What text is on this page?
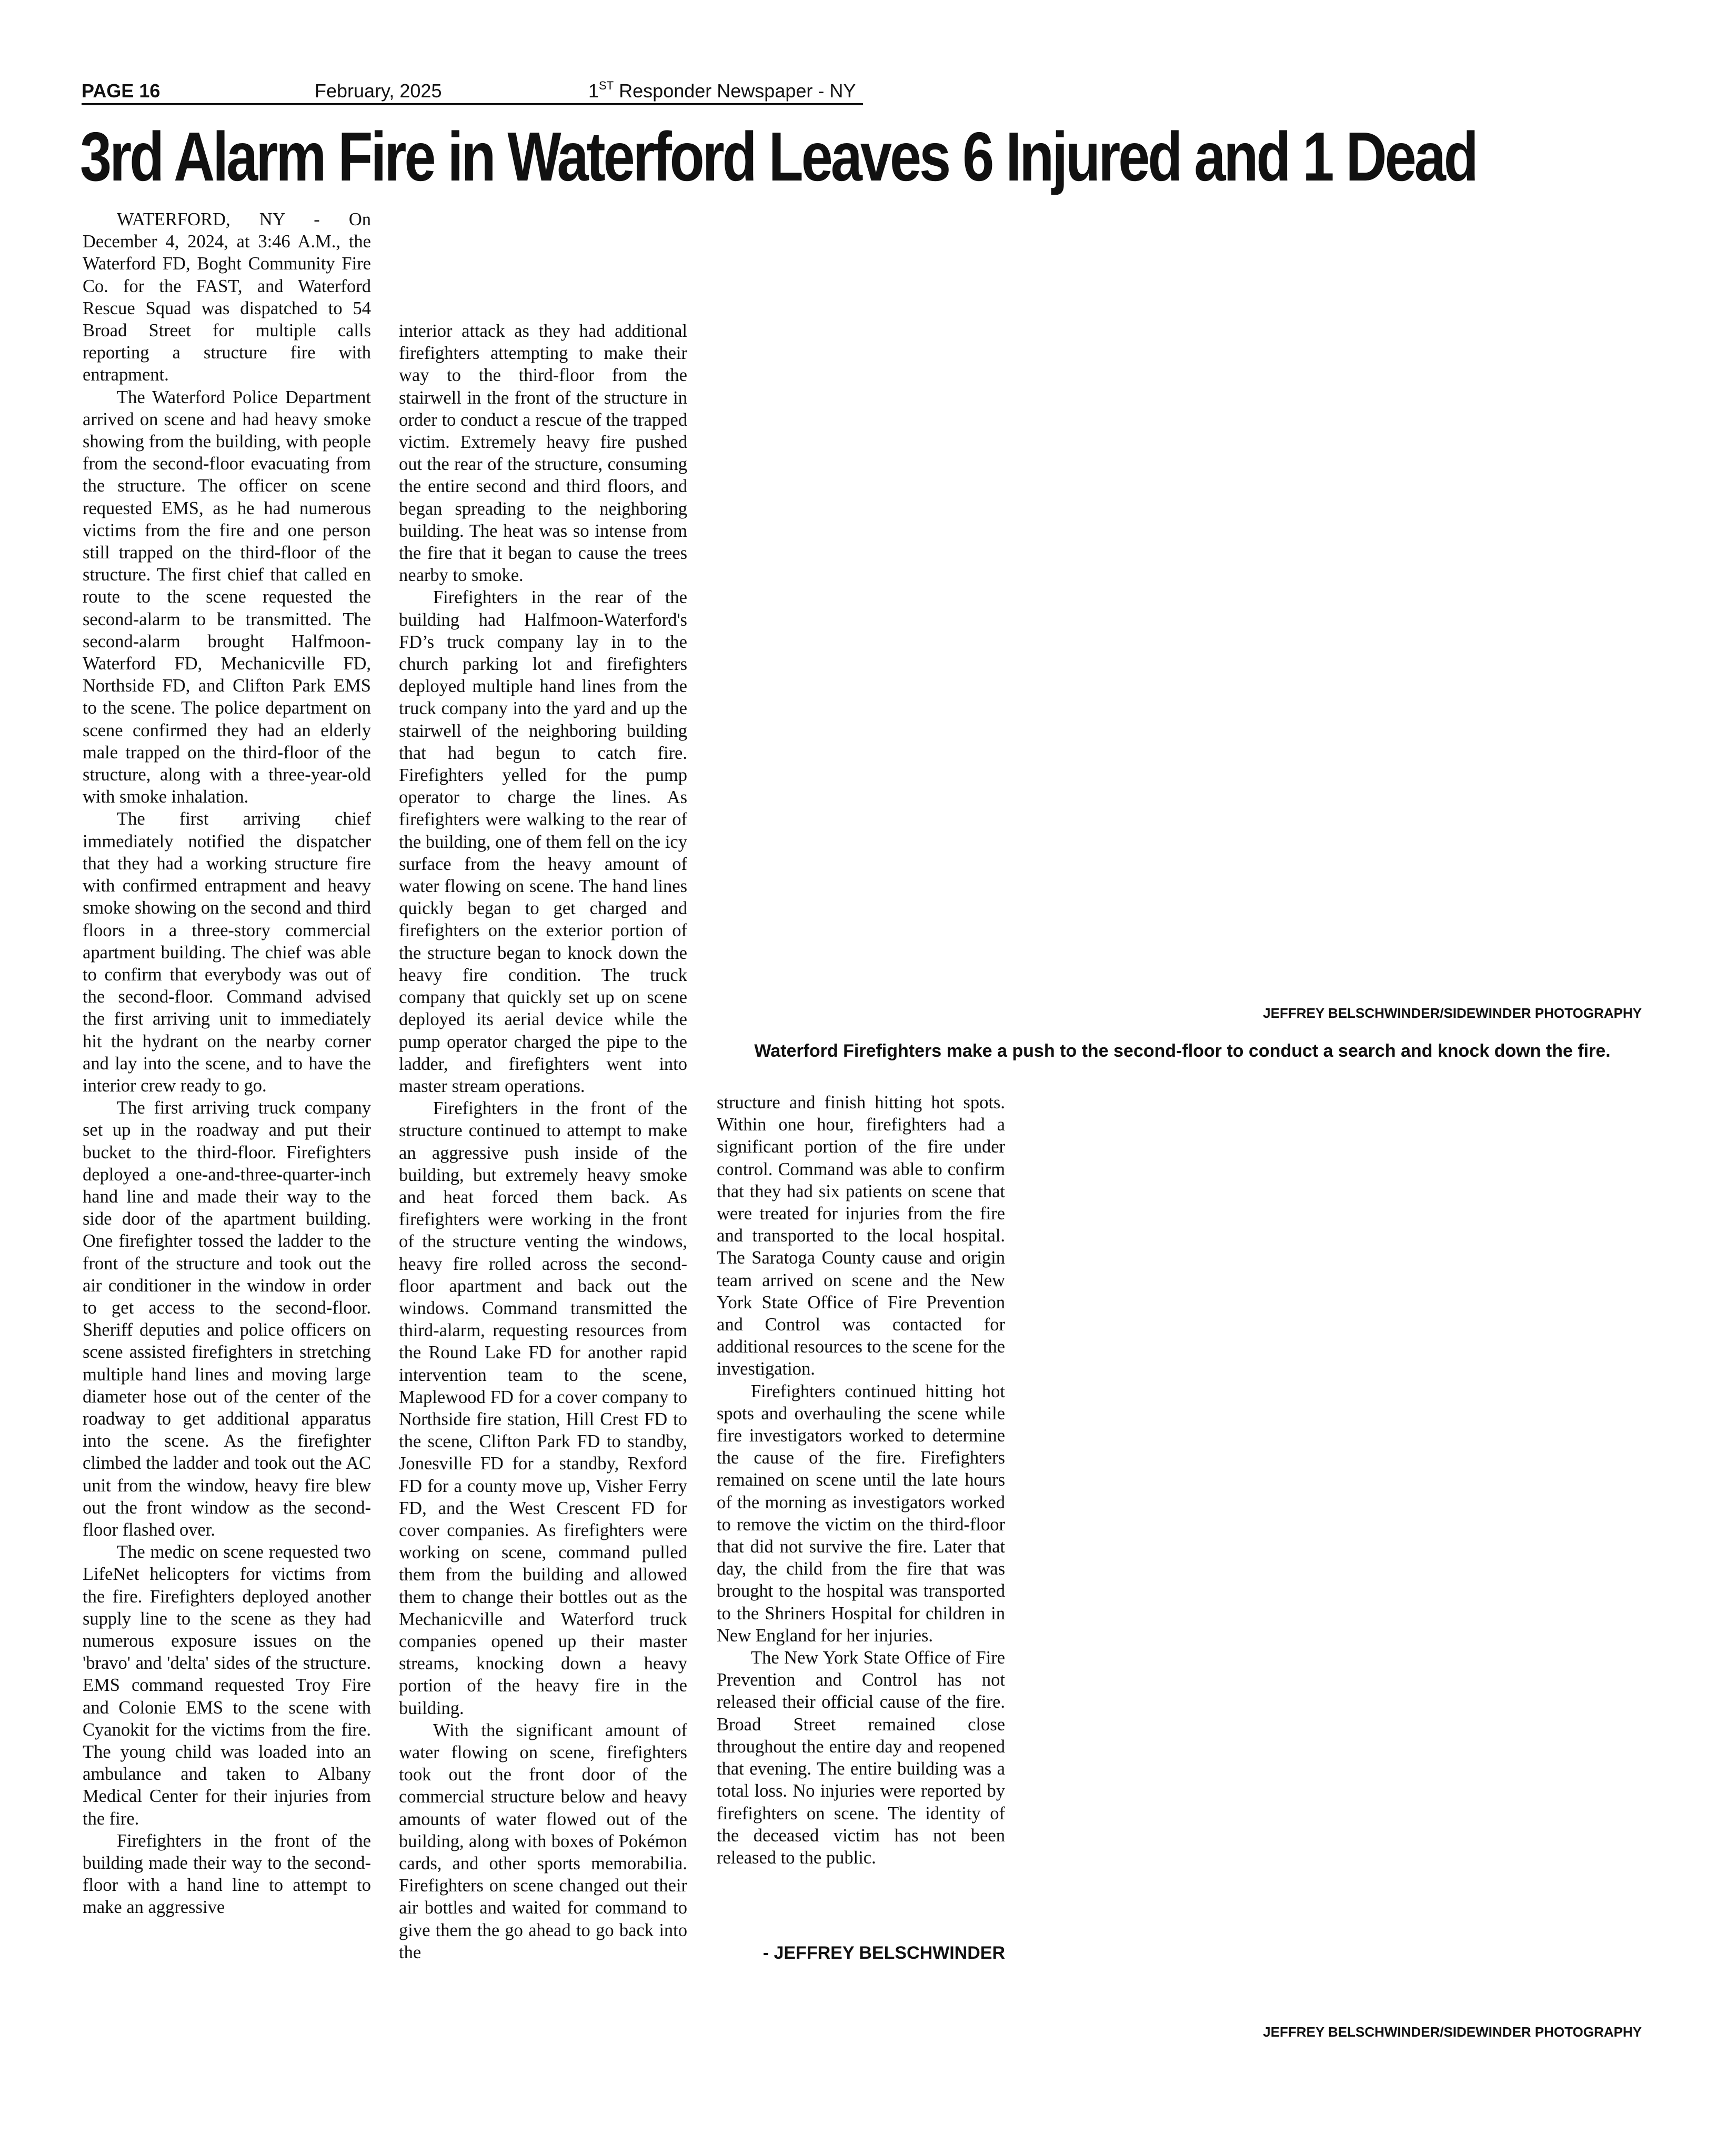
PAGE 16	February, 2025	1ST Responder Newspaper - NY
3rd Alarm Fire in Waterford Leaves 6 Injured and 1 Dead

WATERFORD, NY - On December 4, 2024, at 3:46 A.M., the Waterford FD, Boght Community Fire Co. for the FAST, and Waterford Rescue Squad was dispatched to 54 Broad Street for multiple calls reporting a structure fire with entrapment.

The Waterford Police Department arrived on scene and had heavy smoke showing from the building, with people from the second-floor evacuating from the structure. The officer on scene requested EMS, as he had numerous victims from the fire and one person still trapped on the third-floor of the structure. The first chief that called en route to the scene requested the second-alarm to be transmitted. The second-alarm brought Halfmoon-Waterford FD, Mechanicville FD, Northside FD, and Clifton Park EMS to the scene. The police department on scene confirmed they had an elderly male trapped on the third-floor of the structure, along with a three-year-old with smoke inhalation.

The first arriving chief immediately notified the dispatcher that they had a working structure fire with confirmed entrapment and heavy smoke showing on the second and third floors in a three-story commercial apartment building. The chief was able to confirm that everybody was out of the second-floor. Command advised the first arriving unit to immediately hit the hydrant on the nearby corner and lay into the scene, and to have the interior crew ready to go.

The first arriving truck company set up in the roadway and put their bucket to the third-floor. Firefighters deployed a one-and-three-quarter-inch hand line and made their way to the side door of the apartment building. One firefighter tossed the ladder to the front of the structure and took out the air conditioner in the window in order to get access to the second-floor. Sheriff deputies and police officers on scene assisted firefighters in stretching multiple hand lines and moving large diameter hose out of the center of the roadway to get additional apparatus into the scene. As the firefighter climbed the ladder and took out the AC unit from the window, heavy fire blew out the front window as the second-floor flashed over.

The medic on scene requested two LifeNet helicopters for victims from the fire. Firefighters deployed another supply line to the scene as they had numerous exposure issues on the 'bravo' and 'delta' sides of the structure. EMS command requested Troy Fire and Colonie EMS to the scene with Cyanokit for the victims from the fire. The young child was loaded into an ambulance and taken to Albany Medical Center for their injuries from the fire.

Firefighters in the front of the building made their way to the second-floor with a hand line to attempt to make an aggressive

interior attack as they had additional firefighters attempting to make their way to the third-floor from the stairwell in the front of the structure in order to conduct a rescue of the trapped victim. Extremely heavy fire pushed out the rear of the structure, consuming the entire second and third floors, and began spreading to the neighboring building. The heat was so intense from the fire that it began to cause the trees nearby to smoke.

Firefighters in the rear of the building had Halfmoon-Waterford's FD’s truck company lay in to the church parking lot and firefighters deployed multiple hand lines from the truck company into the yard and up the stairwell of the neighboring building that had begun to catch fire. Firefighters yelled for the pump operator to charge the lines. As firefighters were walking to the rear of the building, one of them fell on the icy surface from the heavy amount of water flowing on scene. The hand lines quickly began to get charged and firefighters on the exterior portion of the structure began to knock down the heavy fire condition. The truck company that quickly set up on scene deployed its aerial device while the pump operator charged the pipe to the ladder, and firefighters went into master stream operations.

Firefighters in the front of the structure continued to attempt to make an aggressive push inside of the building, but extremely heavy smoke and heat forced them back. As firefighters were working in the front of the structure venting the windows, heavy fire rolled across the second-floor apartment and back out the windows. Command transmitted the third-alarm, requesting resources from the Round Lake FD for another rapid intervention team to the scene, Maplewood FD for a cover company to Northside fire station, Hill Crest FD to the scene, Clifton Park FD to standby, Jonesville FD for a standby, Rexford FD for a county move up, Visher Ferry FD, and the West Crescent FD for cover companies. As firefighters were working on scene, command pulled them from the building and allowed them to change their bottles out as the Mechanicville and Waterford truck companies opened up their master streams, knocking down a heavy portion of the heavy fire in the building.

With the significant amount of water flowing on scene, firefighters took out the front door of the commercial structure below and heavy amounts of water flowed out of the building, along with boxes of Pokémon cards, and other sports memorabilia. Firefighters on scene changed out their air bottles and waited for command to give them the go ahead to go back into the

structure and finish hitting hot spots. Within one hour, firefighters had a significant portion of the fire under control. Command was able to confirm that they had six patients on scene that were treated for injuries from the fire and transported to the local hospital. The Saratoga County cause and origin team arrived on scene and the New York State Office of Fire Prevention and Control was contacted for additional resources to the scene for the investigation.

Firefighters continued hitting hot spots and overhauling the scene while fire investigators worked to determine the cause of the fire. Firefighters remained on scene until the late hours of the morning as investigators worked to remove the victim on the third-floor that did not survive the fire. Later that day, the child from the fire that was brought to the hospital was transported to the Shriners Hospital for children in New England for her injuries.

The New York State Office of Fire Prevention and Control has not released their official cause of the fire. Broad Street remained close throughout the entire day and reopened that evening. The entire building was a total loss. No injuries were reported by firefighters on scene. The identity of the deceased victim has not been released to the public.

- JEFFREY BELSCHWINDER
JEFFREY BELSCHWINDER/SIDEWINDER PHOTOGRAPHY
Waterford Firefighters make a push to the second-floor to conduct a search and knock down the fire.
JEFFREY BELSCHWINDER/SIDEWINDER PHOTOGRAPHY
